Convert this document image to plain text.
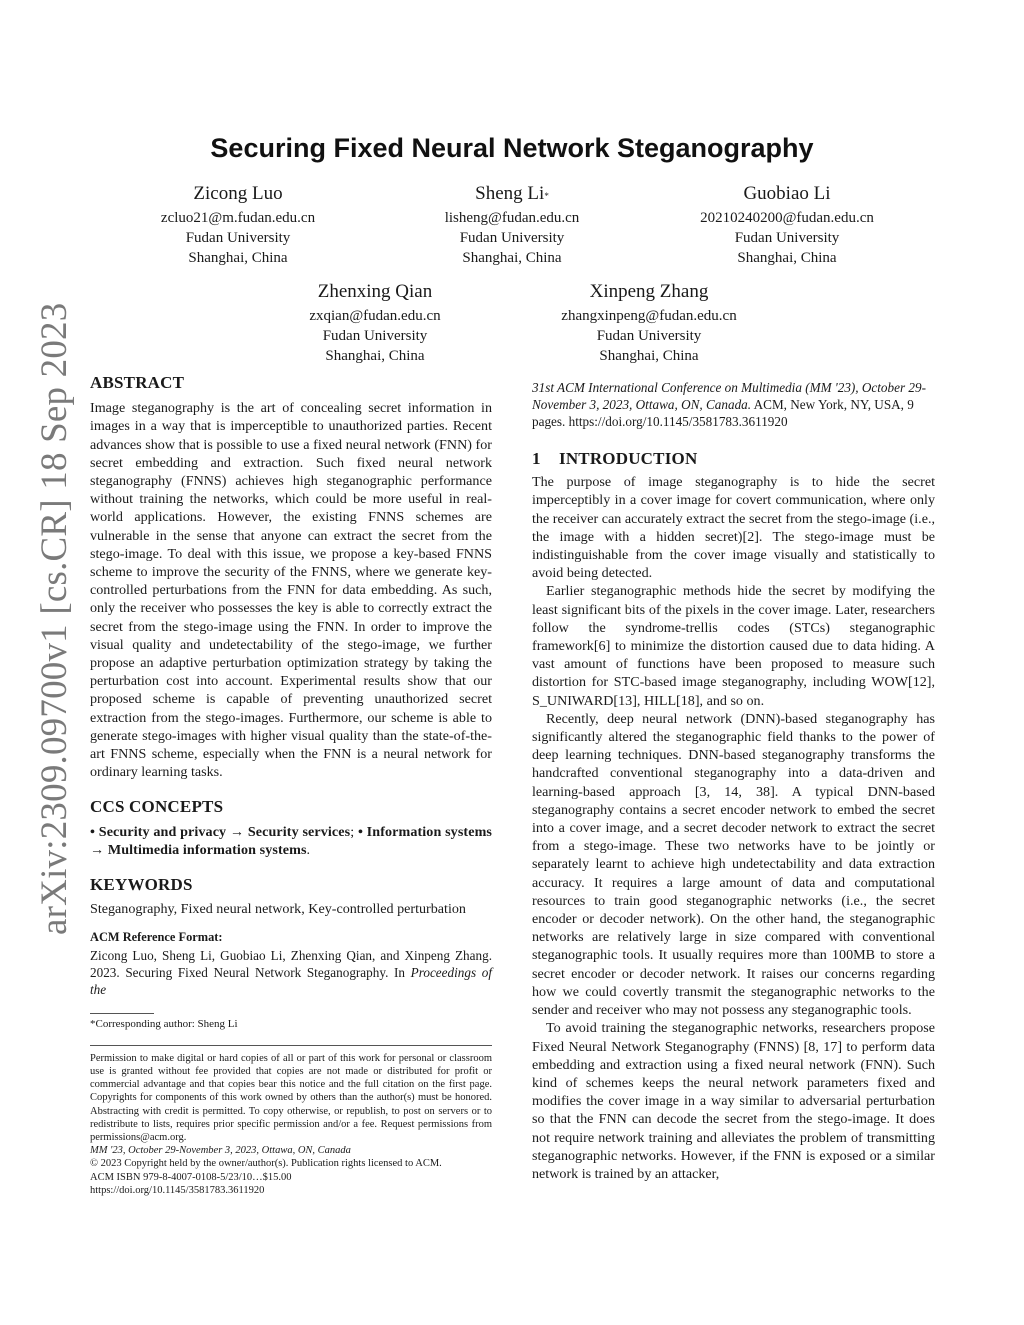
arXiv:2309.09700v1 [cs.CR] 18 Sep 2023
Securing Fixed Neural Network Steganography
Zicong Luo
zcluo21@m.fudan.edu.cn
Fudan University
Shanghai, China
Sheng Li*
lisheng@fudan.edu.cn
Fudan University
Shanghai, China
Guobiao Li
20210240200@fudan.edu.cn
Fudan University
Shanghai, China
Zhenxing Qian
zxqian@fudan.edu.cn
Fudan University
Shanghai, China
Xinpeng Zhang
zhangxinpeng@fudan.edu.cn
Fudan University
Shanghai, China
ABSTRACT

Image steganography is the art of concealing secret information in images in a way that is imperceptible to unauthorized parties. Recent advances show that is possible to use a fixed neural network (FNN) for secret embedding and extraction. Such fixed neural network steganography (FNNS) achieves high steganographic performance without training the networks, which could be more useful in real-world applications. However, the existing FNNS schemes are vulnerable in the sense that anyone can extract the secret from the stego-image. To deal with this issue, we propose a key-based FNNS scheme to improve the security of the FNNS, where we generate key-controlled perturbations from the FNN for data embedding. As such, only the receiver who possesses the key is able to correctly extract the secret from the stego-image using the FNN. In order to improve the visual quality and undetectability of the stego-image, we further propose an adaptive perturbation optimization strategy by taking the perturbation cost into account. Experimental results show that our proposed scheme is capable of preventing unauthorized secret extraction from the stego-images. Furthermore, our scheme is able to generate stego-images with higher visual quality than the state-of-the-art FNNS scheme, especially when the FNN is a neural network for ordinary learning tasks.

CCS CONCEPTS

• Security and privacy → Security services; • Information systems → Multimedia information systems.

KEYWORDS

Steganography, Fixed neural network, Key-controlled perturbation

ACM Reference Format:

Zicong Luo, Sheng Li, Guobiao Li, Zhenxing Qian, and Xinpeng Zhang. 2023. Securing Fixed Neural Network Steganography. In Proceedings of the

*Corresponding author: Sheng Li

Permission to make digital or hard copies of all or part of this work for personal or classroom use is granted without fee provided that copies are not made or distributed for profit or commercial advantage and that copies bear this notice and the full citation on the first page. Copyrights for components of this work owned by others than the author(s) must be honored. Abstracting with credit is permitted. To copy otherwise, or republish, to post on servers or to redistribute to lists, requires prior specific permission and/or a fee. Request permissions from permissions@acm.org.

MM '23, October 29-November 3, 2023, Ottawa, ON, Canada

© 2023 Copyright held by the owner/author(s). Publication rights licensed to ACM.

ACM ISBN 979-8-4007-0108-5/23/10…$15.00

https://doi.org/10.1145/3581783.3611920

31st ACM International Conference on Multimedia (MM '23), October 29-November 3, 2023, Ottawa, ON, Canada. ACM, New York, NY, USA, 9 pages. https://doi.org/10.1145/3581783.3611920

1 INTRODUCTION

The purpose of image steganography is to hide the secret imperceptibly in a cover image for covert communication, where only the receiver can accurately extract the secret from the stego-image (i.e., the image with a hidden secret)[2]. The stego-image must be indistinguishable from the cover image visually and statistically to avoid being detected.

Earlier steganographic methods hide the secret by modifying the least significant bits of the pixels in the cover image. Later, researchers follow the syndrome-trellis codes (STCs) steganographic framework[6] to minimize the distortion caused due to data hiding. A vast amount of functions have been proposed to measure such distortion for STC-based image steganography, including WOW[12], S_UNIWARD[13], HILL[18], and so on.

Recently, deep neural network (DNN)-based steganography has significantly altered the steganographic field thanks to the power of deep learning techniques. DNN-based steganography transforms the handcrafted conventional steganography into a data-driven and learning-based approach [3, 14, 38]. A typical DNN-based steganography contains a secret encoder network to embed the secret into a cover image, and a secret decoder network to extract the secret from a stego-image. These two networks have to be jointly or separately learnt to achieve high undetectability and data extraction accuracy. It requires a large amount of data and computational resources to train good steganographic networks (i.e., the secret encoder or decoder network). On the other hand, the steganographic networks are relatively large in size compared with conventional steganographic tools. It usually requires more than 100MB to store a secret encoder or decoder network. It raises our concerns regarding how we could covertly transmit the steganographic networks to the sender and receiver who may not possess any steganographic tools.

To avoid training the steganographic networks, researchers propose Fixed Neural Network Steganography (FNNS) [8, 17] to perform data embedding and extraction using a fixed neural network (FNN). Such kind of schemes keeps the neural network parameters fixed and modifies the cover image in a way similar to adversarial perturbation so that the FNN can decode the secret from the stego-image. It does not require network training and alleviates the problem of transmitting steganographic networks. However, if the FNN is exposed or a similar network is trained by an attacker,
